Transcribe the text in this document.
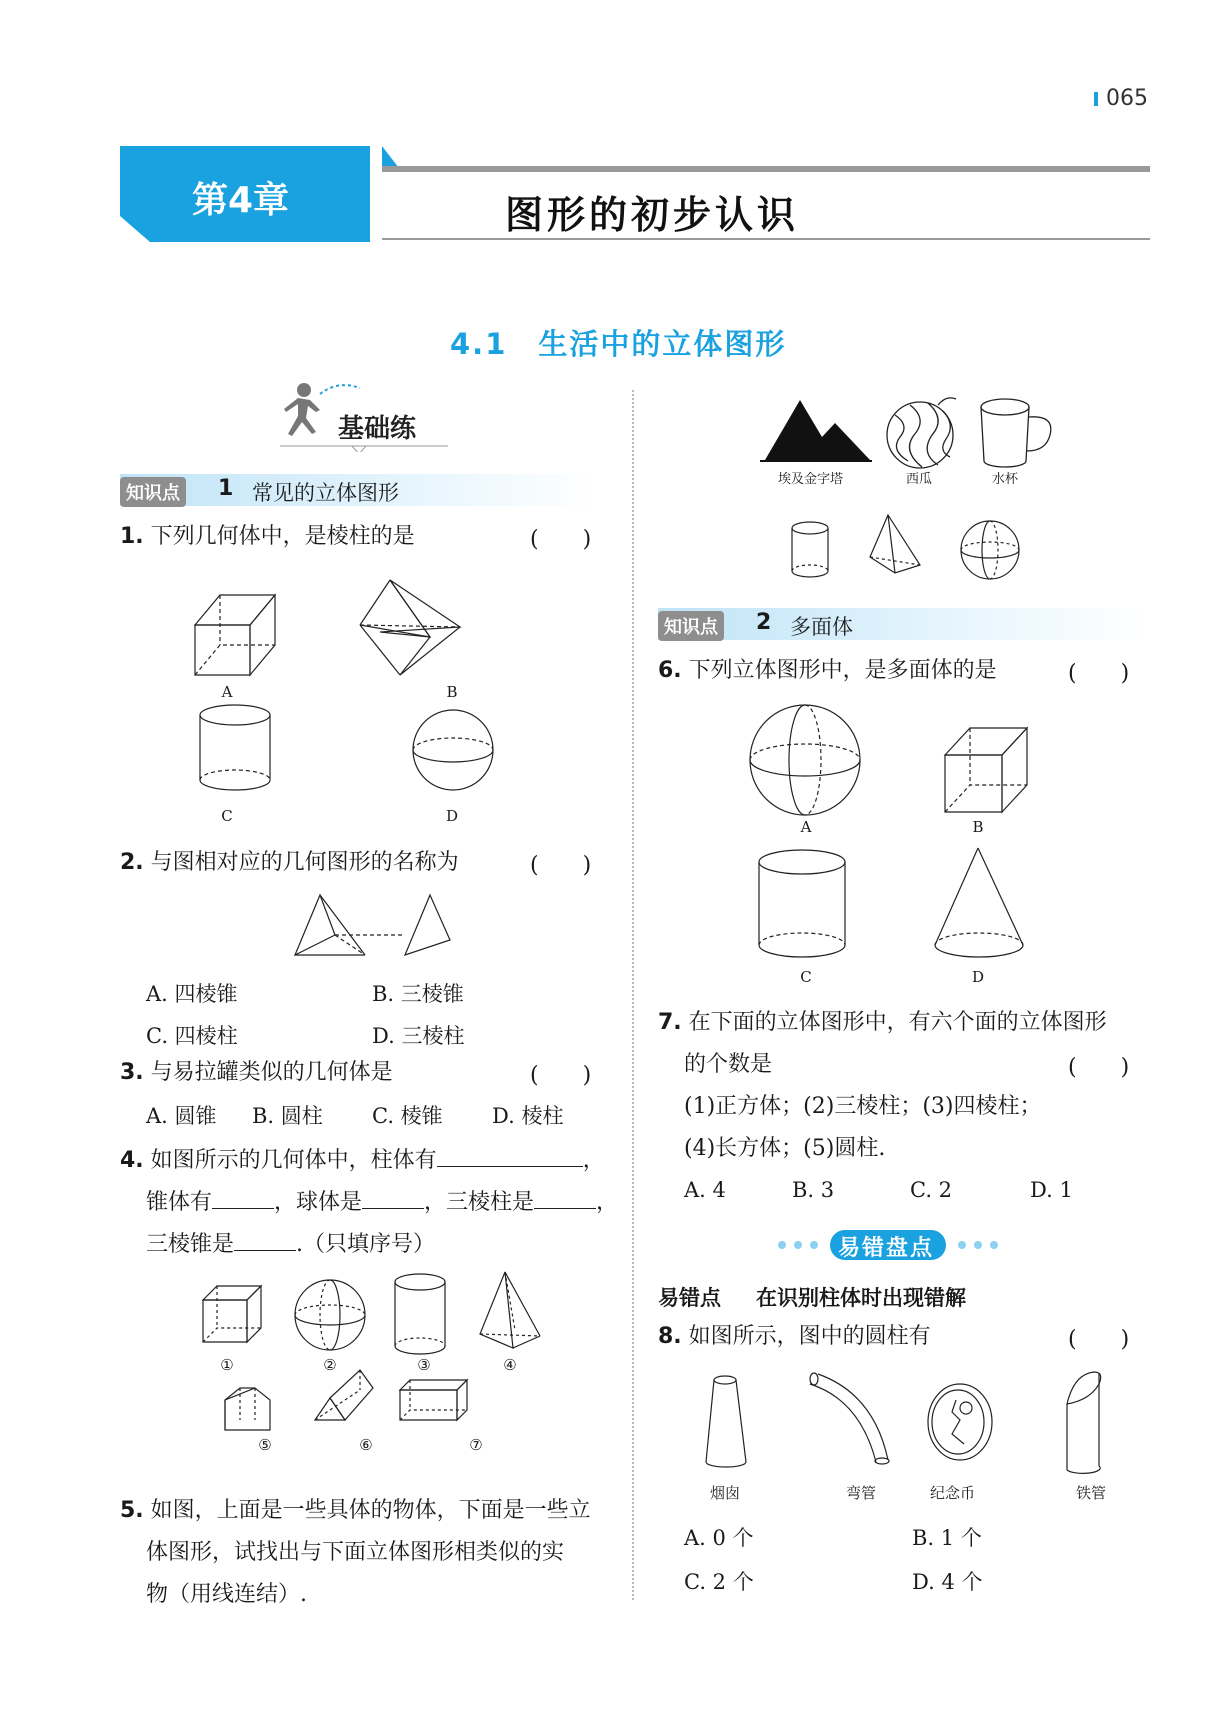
065
第4章	图形的初步认识
4.1　生活中的立体图形
基础练
知识点 1 常见的立体图形
1. 下列几何体中，是棱柱的是	(　　)
A	B
C	D
2. 与图相对应的几何图形的名称为	(　　)
A. 四棱锥	B. 三棱锥
C. 四棱柱	D. 三棱柱
3. 与易拉罐类似的几何体是	(　　)
A. 圆锥 B. 圆柱 C. 棱锥 D. 棱柱
4. 如图所示的几何体中，柱体有	，
锥体有	，球体是	，三棱柱是	，
三棱锥是	.（只填序号）
①	②	③	④
⑤	⑥	⑦
5. 如图，上面是一些具体的物体，下面是一些立
体图形，试找出与下面立体图形相类似的实
物（用线连结）.
埃及金字塔	西瓜	水杯
知识点 2 多面体
6. 下列立体图形中，是多面体的是	(　　)
A	B
C	D
7. 在下面的立体图形中，有六个面的立体图形
的个数是	(　　)
(1)正方体；(2)三棱柱；(3)四棱柱；
(4)长方体；(5)圆柱.
A. 4	B. 3	C. 2	D. 1
易错盘点
易错点 在识别柱体时出现错解
8. 如图所示，图中的圆柱有	(　　)
烟囱	弯管	纪念币	铁管
A. 0 个	B. 1 个
C. 2 个	D. 4 个
